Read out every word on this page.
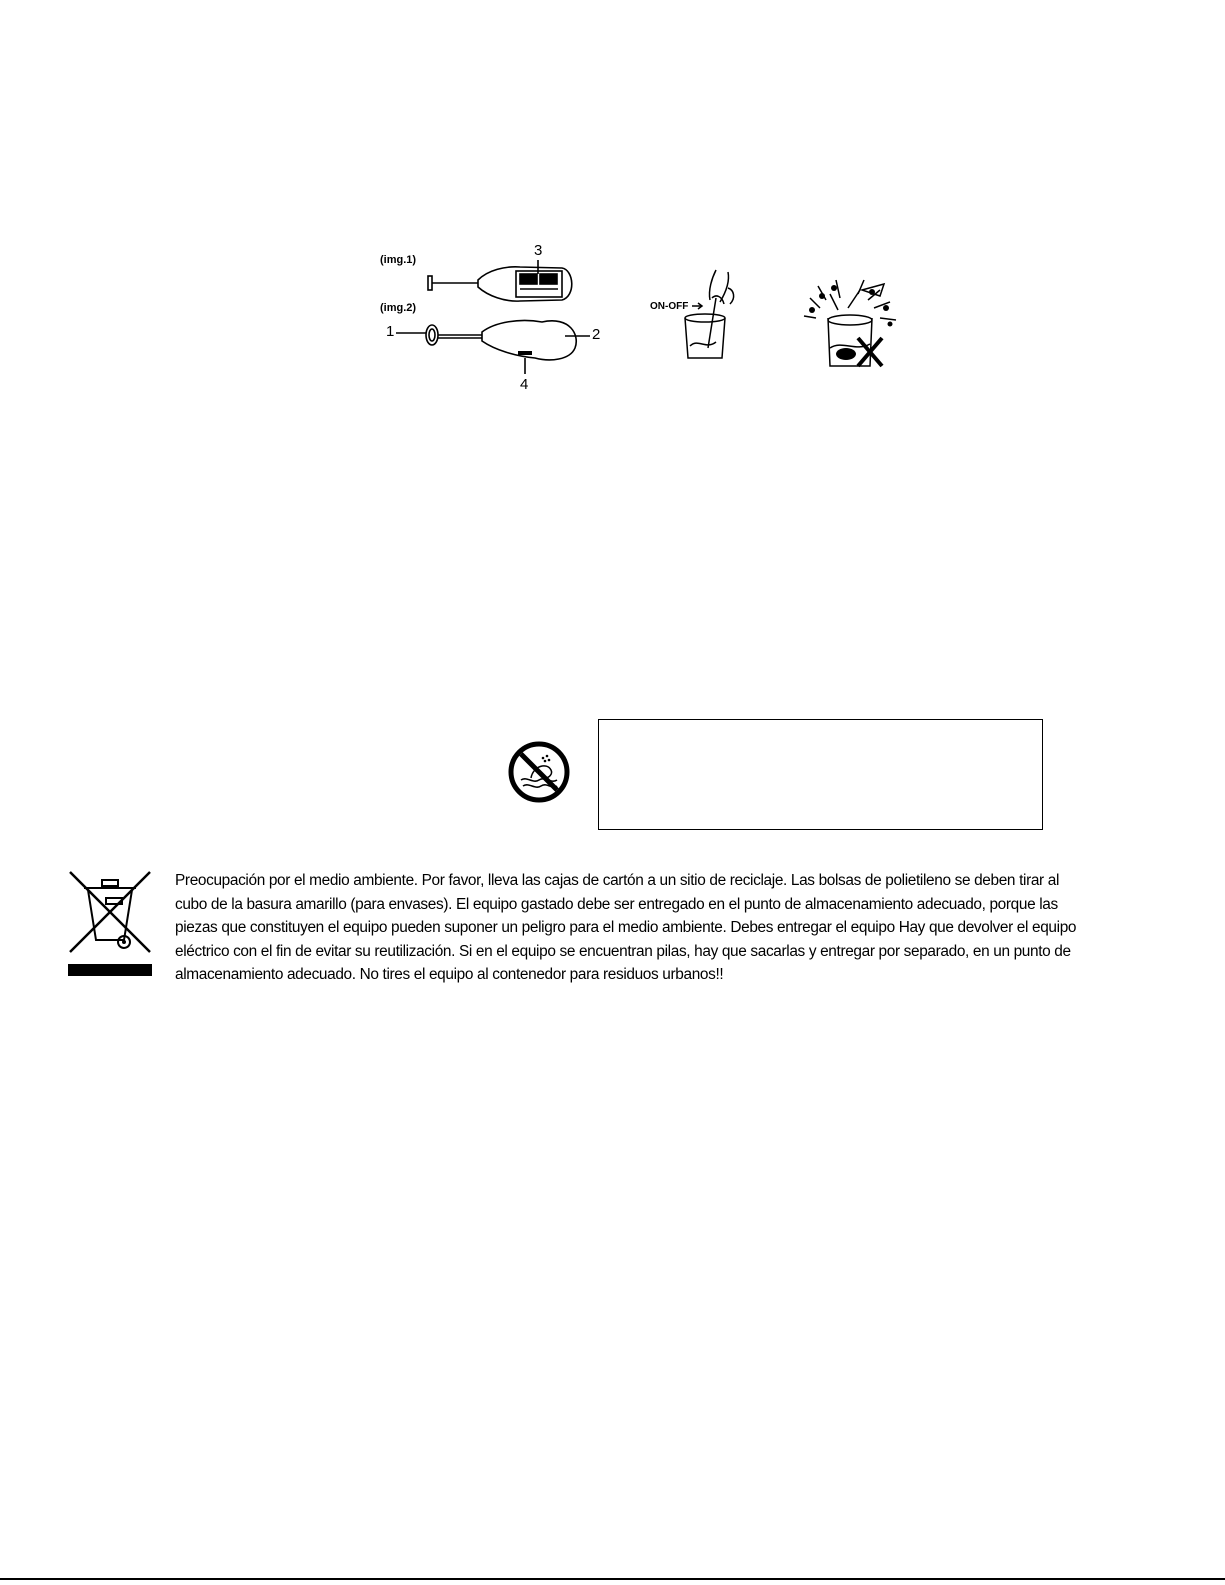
(img.1)
(img.2)
3
1	2
4
ON-OFF
Preocupación por el medio ambiente. Por favor, lleva las cajas de cartón a un sitio de reciclaje. Las bolsas de polietileno se deben tirar al cubo de la basura amarillo (para envases). El equipo gastado debe ser entregado en el punto de almacenamiento adecuado, porque las piezas que constituyen el equipo pueden suponer un peligro para el medio ambiente. Debes entregar el equipo Hay que devolver el equipo eléctrico con el fin de evitar su reutilización. Si en el equipo se encuentran pilas, hay que sacarlas y entregar por separado, en un punto de almacenamiento adecuado. No tires el equipo al contenedor para residuos urbanos!!
